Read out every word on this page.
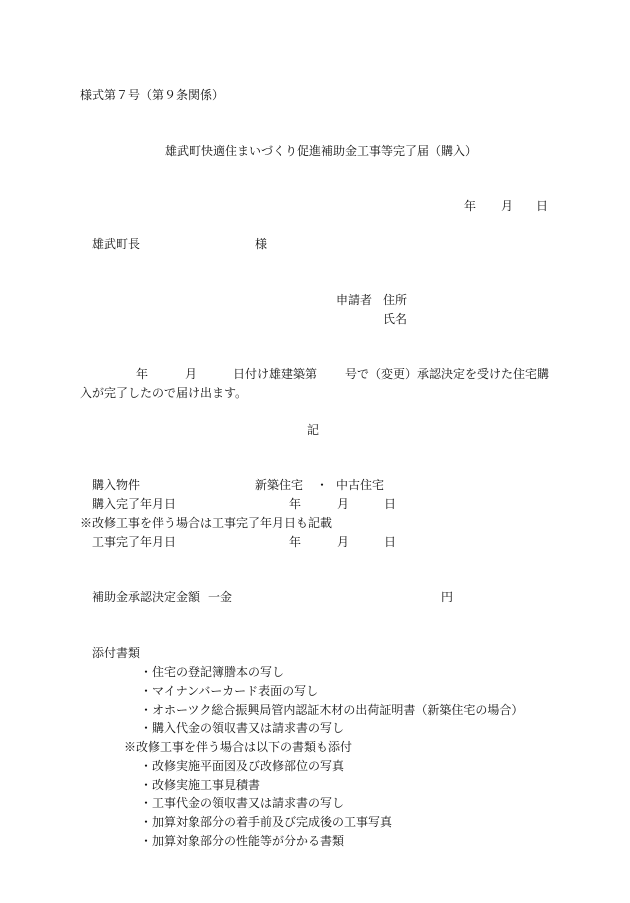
様式第７号（第９条関係）
雄武町快適住まいづくり促進補助金工事等完了届（購入）
年 月 日
雄武町長	様
申請者 住所
氏名
年	月	日付け雄建築第 号で（変更）承認決定を受けた住宅購
入が完了したので届け出ます。
記
購入物件	新築住宅 ・ 中古住宅
購入完了年月日	年	月	日
※改修工事を伴う場合は工事完了年月日も記載
工事完了年月日	年	月	日
補助金承認決定金額 一金	円
添付書類
・住宅の登記簿謄本の写し
・マイナンバーカード表面の写し
・オホーツク総合振興局管内認証木材の出荷証明書（新築住宅の場合）
・購入代金の領収書又は請求書の写し
※改修工事を伴う場合は以下の書類も添付
・改修実施平面図及び改修部位の写真
・改修実施工事見積書
・工事代金の領収書又は請求書の写し
・加算対象部分の着手前及び完成後の工事写真
・加算対象部分の性能等が分かる書類
